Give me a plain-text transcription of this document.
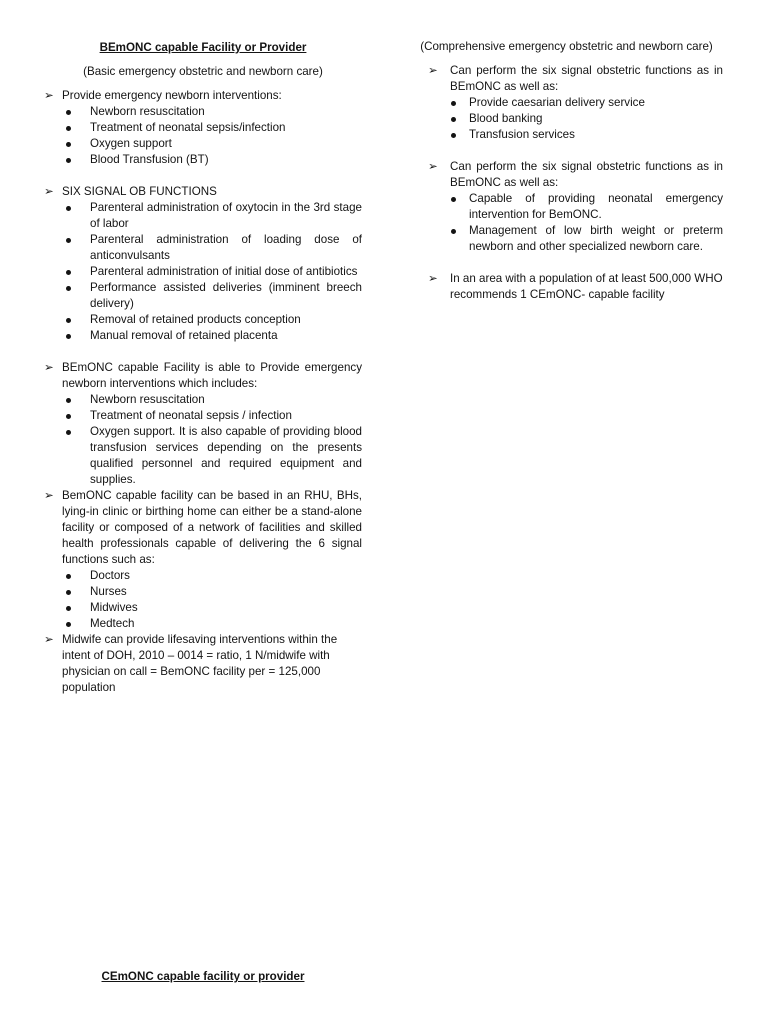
BEmONC capable Facility or Provider
(Basic emergency obstetric and newborn care)
➢ Provide emergency newborn interventions:
Newborn resuscitation
Treatment of neonatal sepsis/infection
Oxygen support
Blood Transfusion (BT)
➢ SIX SIGNAL OB FUNCTIONS
Parenteral administration of oxytocin in the 3rd stage of labor
Parenteral administration of loading dose of anticonvulsants
Parenteral administration of initial dose of antibiotics
Performance assisted deliveries (imminent breech delivery)
Removal of retained products conception
Manual removal of retained placenta
➢ BEmONC capable Facility is able to Provide emergency newborn interventions which includes:
Newborn resuscitation
Treatment of neonatal sepsis / infection
Oxygen support. It is also capable of providing blood transfusion services depending on the presents qualified personnel and required equipment and supplies.
➢ BemONC capable facility can be based in an RHU, BHs, lying-in clinic or birthing home can either be a stand-alone facility or composed of a network of facilities and skilled health professionals capable of delivering the 6 signal functions such as:
Doctors
Nurses
Midwives
Medtech
➢ Midwife can provide lifesaving interventions within the intent of DOH, 2010 – 0014 = ratio, 1 N/midwife with physician on call = BemONC facility per = 125,000 population
CEmONC capable facility or provider
(Comprehensive emergency obstetric and newborn care)
➢ Can perform the six signal obstetric functions as in BEmONC as well as:
Provide caesarian delivery service
Blood banking
Transfusion services
➢ Can perform the six signal obstetric functions as in BEmONC as well as:
Capable of providing neonatal emergency intervention for BemONC.
Management of low birth weight or preterm newborn and other specialized newborn care.
➢ In an area with a population of at least 500,000 WHO recommends 1 CEmONC- capable facility
